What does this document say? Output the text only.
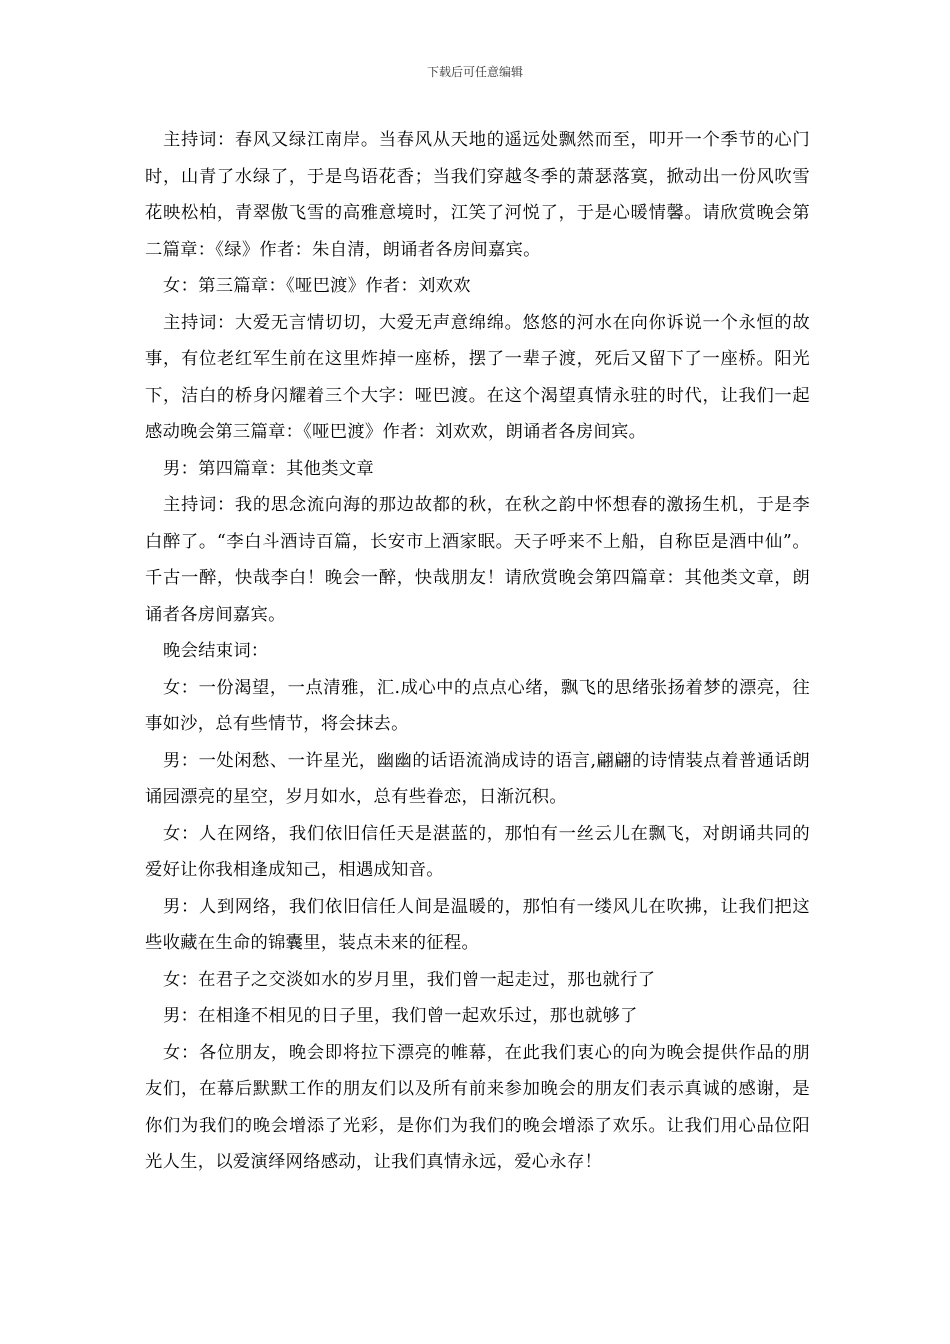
下载后可任意编辑

主持词：春风又绿江南岸。当春风从天地的遥远处飘然而至，叩开一个季节的心门时，山青了水绿了，于是鸟语花香；当我们穿越冬季的萧瑟落寞，掀动出一份风吹雪花映松柏，青翠傲飞雪的高雅意境时，江笑了河悦了，于是心暖情馨。请欣赏晚会第二篇章：《绿》作者：朱自清，朗诵者各房间嘉宾。

女：第三篇章：《哑巴渡》作者：刘欢欢

主持词：大爱无言情切切，大爱无声意绵绵。悠悠的河水在向你诉说一个永恒的故事，有位老红军生前在这里炸掉一座桥，摆了一辈子渡，死后又留下了一座桥。阳光下，洁白的桥身闪耀着三个大字：哑巴渡。在这个渴望真情永驻的时代，让我们一起感动晚会第三篇章：《哑巴渡》作者：刘欢欢，朗诵者各房间宾。

男：第四篇章：其他类文章

主持词：我的思念流向海的那边故都的秋，在秋之韵中怀想春的激扬生机，于是李白醉了。“李白斗酒诗百篇，长安市上酒家眠。天子呼来不上船，自称臣是酒中仙”。千古一醉，快哉李白！晚会一醉，快哉朋友！请欣赏晚会第四篇章：其他类文章，朗诵者各房间嘉宾。

晚会结束词：

女：一份渴望，一点清雅，汇.成心中的点点心绪，飘飞的思绪张扬着梦的漂亮，往事如沙，总有些情节，将会抹去。

男：一处闲愁、一许星光，幽幽的话语流淌成诗的语言,翩翩的诗情装点着普通话朗诵园漂亮的星空，岁月如水，总有些眷恋，日渐沉积。

女：人在网络，我们依旧信任天是湛蓝的，那怕有一丝云儿在飘飞，对朗诵共同的爱好让你我相逢成知己，相遇成知音。

男：人到网络，我们依旧信任人间是温暖的，那怕有一缕风儿在吹拂，让我们把这些收藏在生命的锦囊里，装点未来的征程。

女：在君子之交淡如水的岁月里，我们曾一起走过，那也就行了

男：在相逢不相见的日子里，我们曾一起欢乐过，那也就够了

女：各位朋友，晚会即将拉下漂亮的帷幕，在此我们衷心的向为晚会提供作品的朋友们，在幕后默默工作的朋友们以及所有前来参加晚会的朋友们表示真诚的感谢，是你们为我们的晚会增添了光彩，是你们为我们的晚会增添了欢乐。让我们用心品位阳光人生，以爱演绎网络感动，让我们真情永远，爱心永存！
